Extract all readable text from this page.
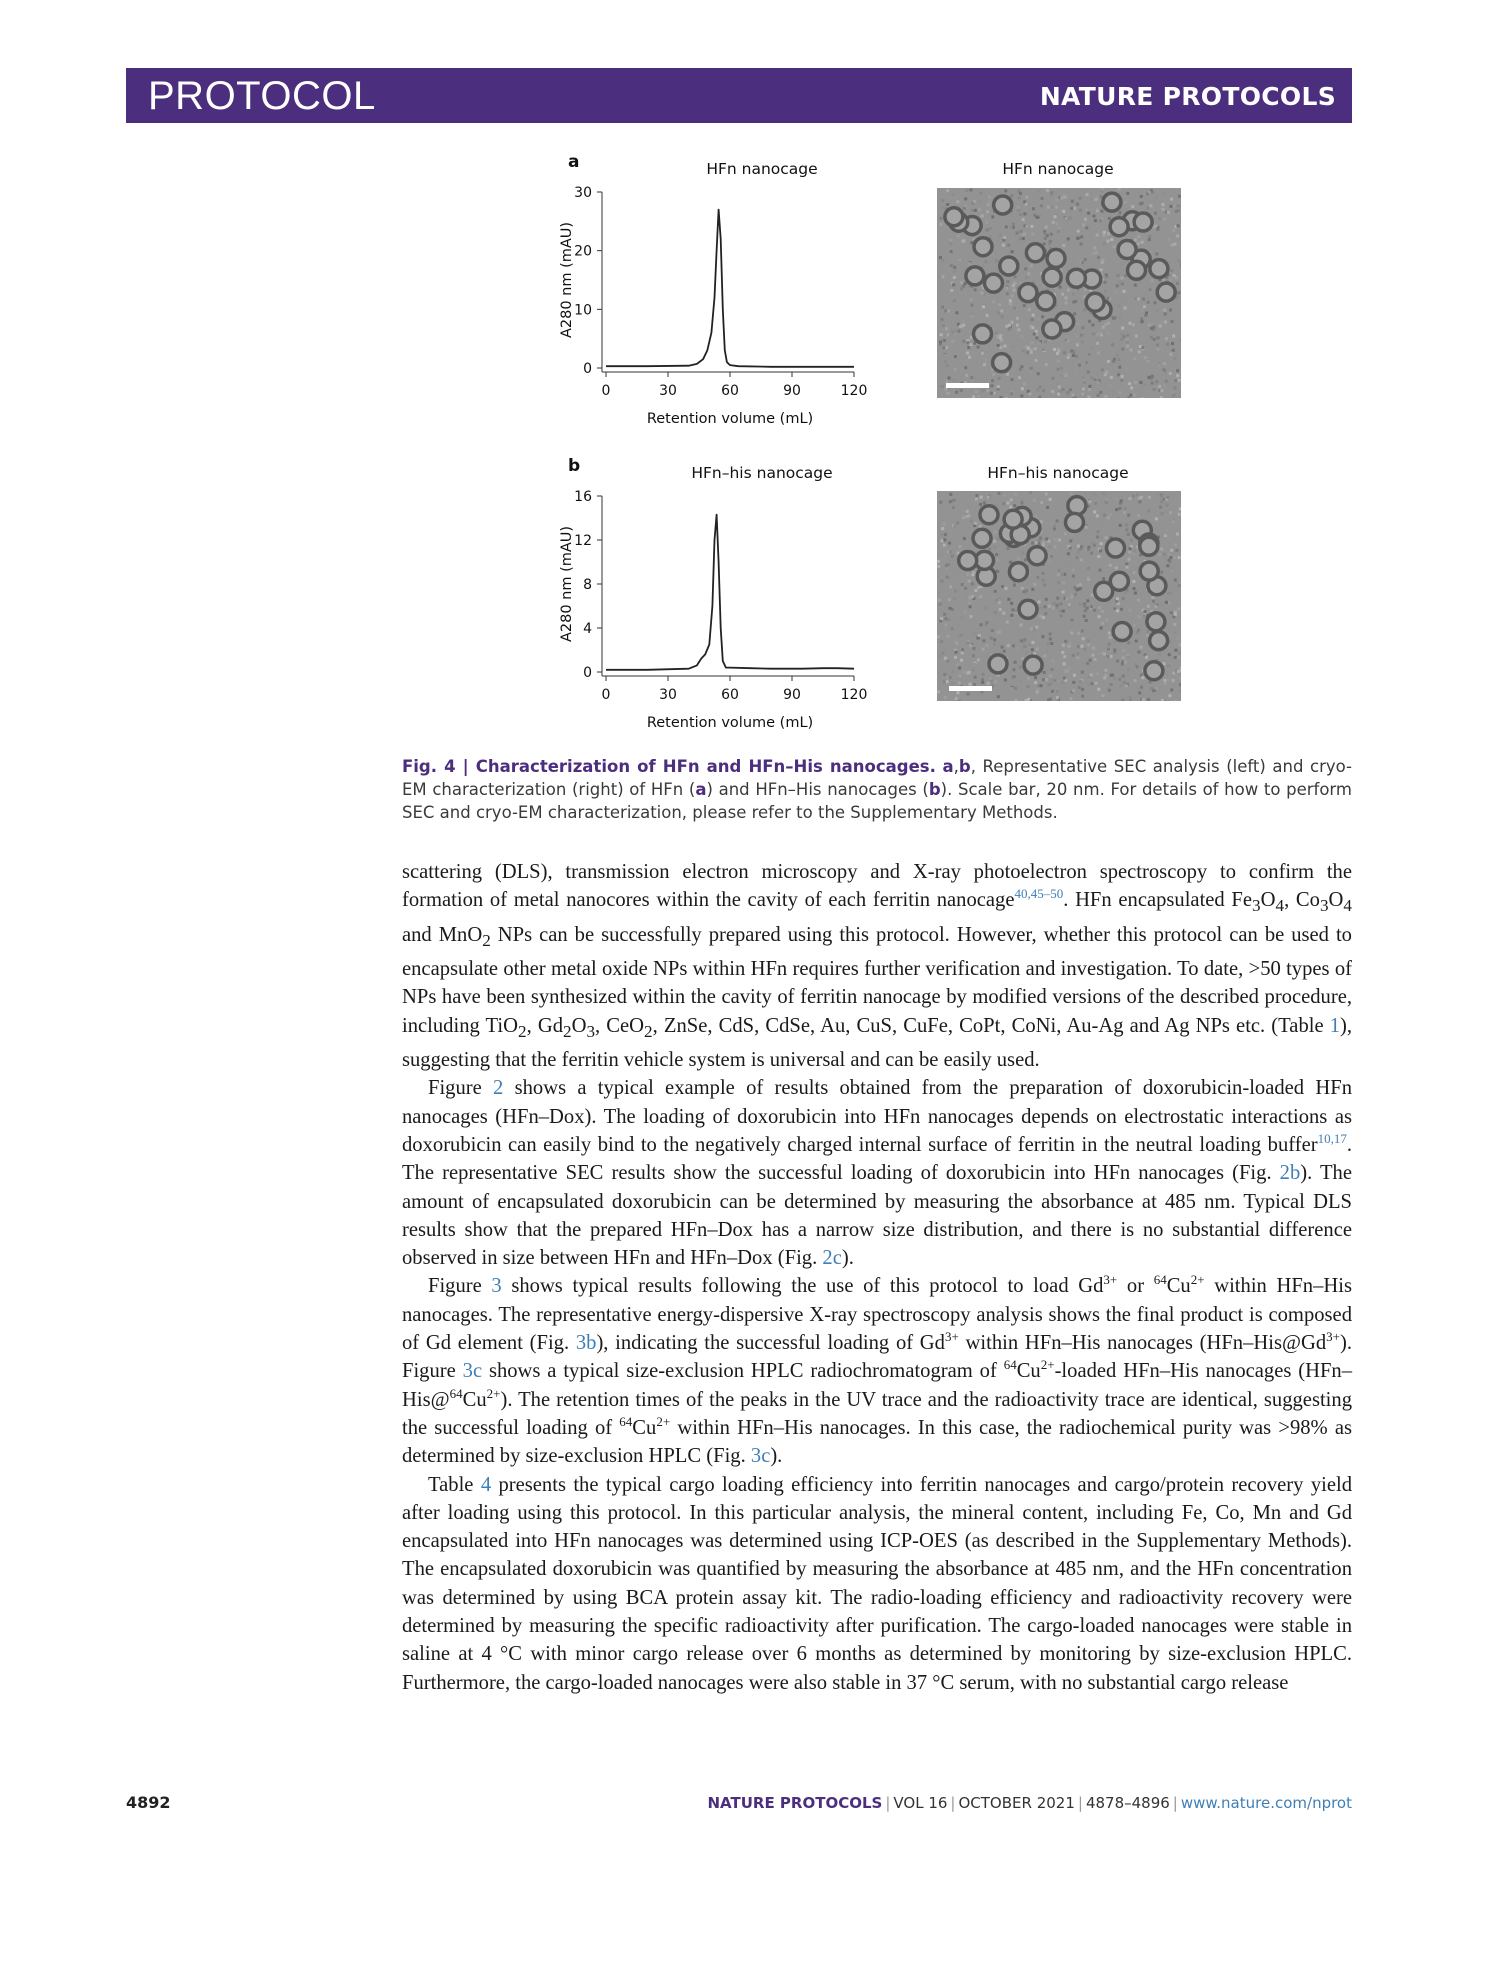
PROTOCOL	NATURE PROTOCOLS
a	HFn nanocage
0
10
20
30
0	30	60	90	120
Retention volume (mL)
A280 nm (mAU)
HFn nanocage
b	HFn–his nanocage
0
4
8
12
16
0	30	60	90	120
Retention volume (mL)
A280 nm (mAU)
HFn–his nanocage
Fig. 4 | Characterization of HFn and HFn–His nanocages. a,b, Representative SEC analysis (left) and cryo-EM characterization (right) of HFn (a) and HFn–His nanocages (b). Scale bar, 20 nm. For details of how to perform SEC and cryo-EM characterization, please refer to the Supplementary Methods.

scattering (DLS), transmission electron microscopy and X-ray photoelectron spectroscopy to confirm the formation of metal nanocores within the cavity of each ferritin nanocage$^{40,45-50}$. HFn encapsulated $Fe_3O_4$, $Co_3O_4$ and MnO$_2$ NPs can be successfully prepared using this protocol. However, whether this protocol can be used to encapsulate other metal oxide NPs within HFn requires further verification and investigation. To date, >50 types of NPs have been synthesized within the cavity of ferritin nanocage by modified versions of the described procedure, including TiO$_2$, $Gd_2O_3$, CeO$_2$, ZnSe, CdS, CdSe, Au, CuS, CuFe, CoPt, CoNi, Au-Ag and Ag NPs etc. (Table 1), suggesting that the ferritin vehicle system is universal and can be easily used.

Figure 2 shows a typical example of results obtained from the preparation of doxorubicin-loaded HFn nanocages (HFn–Dox). The loading of doxorubicin into HFn nanocages depends on electrostatic interactions as doxorubicin can easily bind to the negatively charged internal surface of ferritin in the neutral loading buffer$^{10,17}$. The representative SEC results show the successful loading of doxorubicin into HFn nanocages (Fig. 2b). The amount of encapsulated doxorubicin can be determined by measuring the absorbance at 485 nm. Typical DLS results show that the prepared HFn–Dox has a narrow size distribution, and there is no substantial difference observed in size between HFn and HFn–Dox (Fig. 2c).

Figure 3 shows typical results following the use of this protocol to load $Gd^{3+}$ or $^{64}Cu^{2+}$ within HFn–His nanocages. The representative energy-dispersive X-ray spectroscopy analysis shows the final product is composed of Gd element (Fig. 3b), indicating the successful loading of $Gd^{3+}$ within HFn–His nanocages $(HFn-His@Gd^{3+})$. Figure 3c shows a typical size-exclusion HPLC radiochromatogram of $^{64}Cu^{2+}$-loaded HFn–His nanocages $(HFn-His@^{64}Cu^{2+})$. The retention times of the peaks in the UV trace and the radioactivity trace are identical, suggesting the successful loading of $^{64}Cu^{2+}$ within HFn–His nanocages. In this case, the radiochemical purity was >98% as determined by size-exclusion HPLC (Fig. 3c).

Table 4 presents the typical cargo loading efficiency into ferritin nanocages and cargo/protein recovery yield after loading using this protocol. In this particular analysis, the mineral content, including Fe, Co, Mn and Gd encapsulated into HFn nanocages was determined using ICP-OES (as described in the Supplementary Methods). The encapsulated doxorubicin was quantified by measuring the absorbance at 485 nm, and the HFn concentration was determined by using BCA protein assay kit. The radio-loading efficiency and radioactivity recovery were determined by measuring the specific radioactivity after purification. The cargo-loaded nanocages were stable in saline at 4 °C with minor cargo release over 6 months as determined by monitoring by size-exclusion HPLC. Furthermore, the cargo-loaded nanocages were also stable in 37 °C serum, with no substantial cargo release

4892	NATURE PROTOCOLS | VOL 16 | OCTOBER 2021 | 4878–4896 | www.nature.com/nprot
